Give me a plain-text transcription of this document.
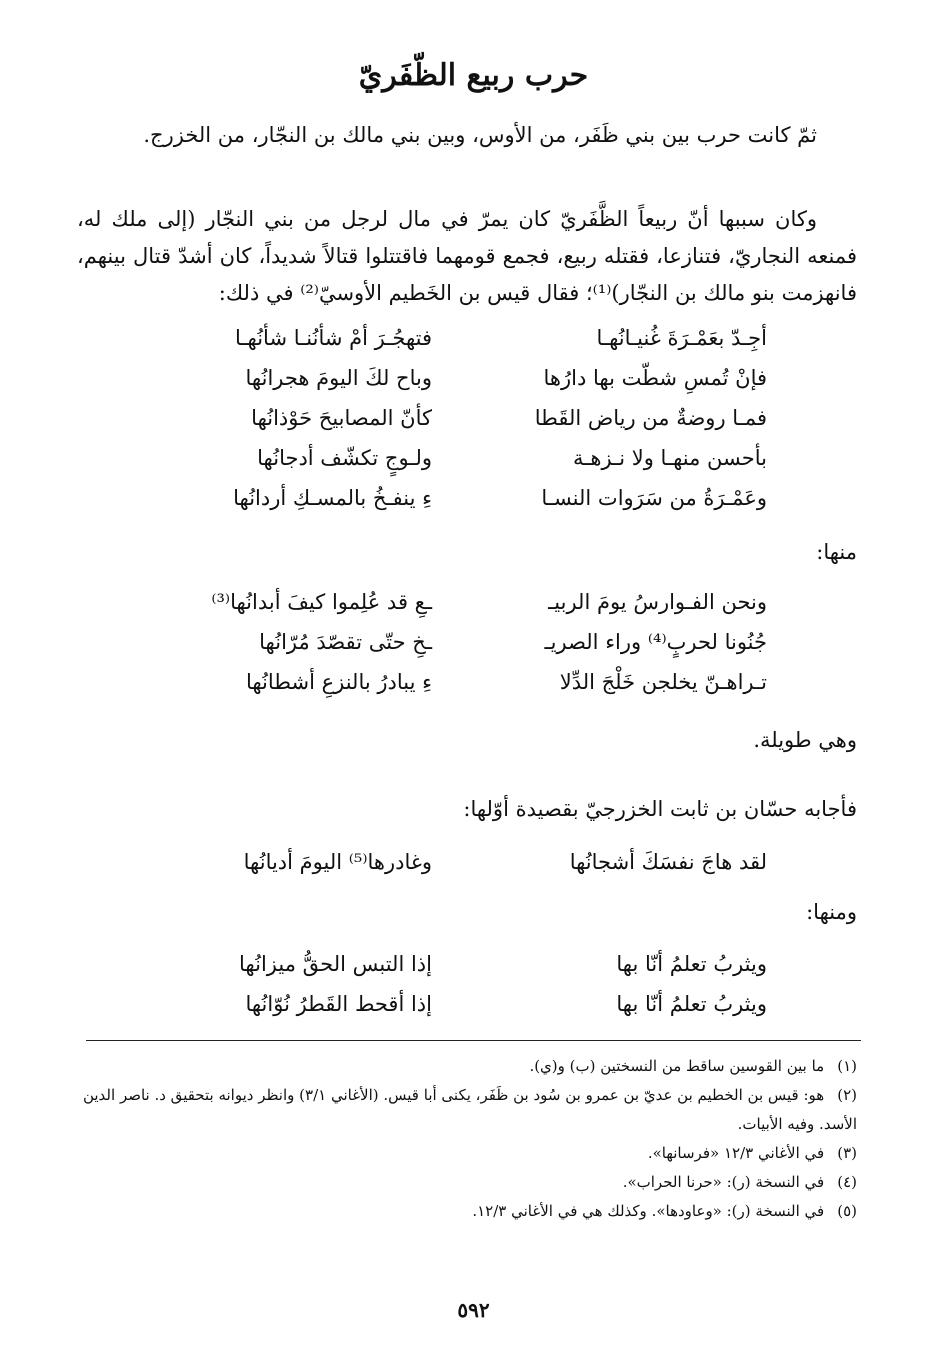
حرب ربيع الظّفَريّ

ثمّ كانت حرب بين بني ظَفَر، من الأوس، وبين بني مالك بن النجّار، من الخزرج.

وكان سببها أنّ ربيعاً الظَّفَريّ كان يمرّ في مال لرجل من بني النجّار (إلى ملك له، فمنعه النجاريّ، فتنازعا، فقتله ربيع، فجمع قومهما فاقتتلوا قتالاً شديداً، كان أشدّ قتال بينهم، فانهزمت بنو مالك بن النجّار)⁽¹⁾؛ فقال قيس بن الخَطيم الأوسيّ⁽²⁾ في ذلك:

أجِـدّ بعَمْـرَةَ غُنيـانُهـا
فتهجُـرَ أمْ شأنُنـا شأنُهـا
فإنْ تُمسِ شطّت بها دارُها
وباح لكَ اليومَ هجرانُها
فمـا روضةٌ من رياض القَطا
كأنّ المصابيحَ حَوْذانُها
بأحسن منهـا ولا نـزهـة
ولـوجٍ تكشّف أدجانُها
وعَمْـرَةُ من سَرَوات النسـا
ءِ ينفـخُ بالمسـكِ أردانُها

منها:

ونحن الفـوارسُ يومَ الربيـ
ـعِ قد عُلِموا كيفَ أبدانُها⁽³⁾
جُنُونا لحربٍ⁽⁴⁾ وراء الصريـ
ـخِ حتّى تقصّدَ مُرّانُها
تـراهـنّ يخلجن خَلْجَ الدِّلا
ءِ يبادرُ بالنزعِ أشطانُها

وهي طويلة.

فأجابه حسّان بن ثابت الخزرجيّ بقصيدة أوّلها:

لقد هاجَ نفسَكَ أشجانُها
وغادرها⁽⁵⁾ اليومَ أديانُها

ومنها:

ويثربُ تعلمُ أنّا بها
إذا التبس الحقُّ ميزانُها
ويثربُ تعلمُ أنّا بها
إذا أقحط القَطرُ نُوّانُها

(١) ما بين القوسين ساقط من النسختين (ب) و(ي).

(٢) هو: قيس بن الخطيم بن عديّ بن عمرو بن سُود بن ظَفَر، يكنى أبا قيس. (الأغاني ٣/١) وانظر ديوانه بتحقيق د. ناصر الدين الأسد. وفيه الأبيات.

(٣) في الأغاني ١٢/٣ «فرسانها».

(٤) في النسخة (ر): «حرنا الحراب».

(٥) في النسخة (ر): «وعاودها». وكذلك هي في الأغاني ١٢/٣.

٥٩٢
